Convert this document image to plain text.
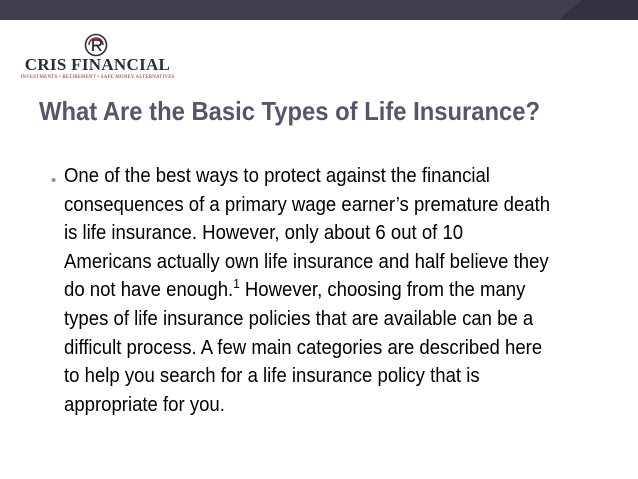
CRIS FINANCIAL
INVESTMENTS • RETIREMENT • SAFE MONEY ALTERNATIVES
What Are the Basic Types of Life Insurance?
• One of the best ways to protect against the financial
consequences of a primary wage earner’s premature death
is life insurance. However, only about 6 out of 10
Americans actually own life insurance and half believe they
do not have enough.$^1$ However, choosing from the many
types of life insurance policies that are available can be a
difficult process. A few main categories are described here
to help you search for a life insurance policy that is
appropriate for you.
